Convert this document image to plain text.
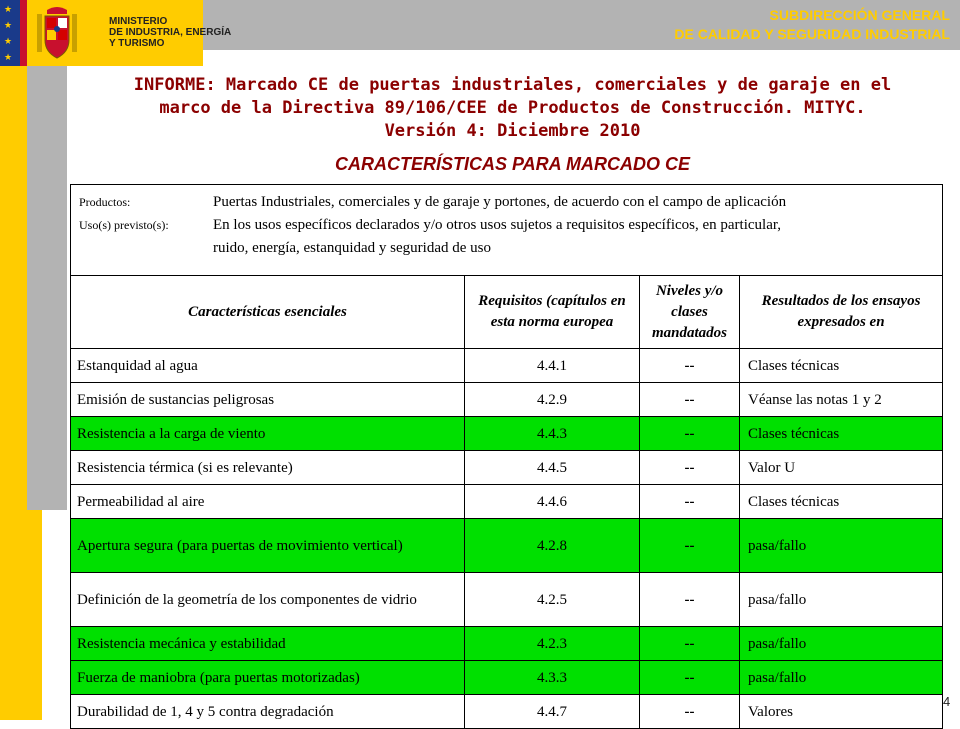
SUBDIRECCIÓN GENERAL
DE CALIDAD Y SEGURIDAD INDUSTRIAL
★
★
★
★
MINISTERIO
DE INDUSTRIA, ENERGÍA
Y TURISMO
INFORME: Marcado CE de puertas industriales, comerciales y de garaje en el
marco de la Directiva 89/106/CEE de Productos de Construcción. MITYC.
Versión 4: Diciembre 2010
CARACTERÍSTICAS PARA MARCADO CE
Productos: Puertas Industriales, comerciales y de garaje y portones, de acuerdo con el campo de aplicación
Uso(s) previsto(s): En los usos específicos declarados y/o otros usos sujetos a requisitos específicos, en particular,
ruido, energía, estanquidad y seguridad de uso			

Características esenciales	Requisitos (capítulos en esta norma europea	Niveles y/o clases mandatados	Resultados de los ensayos expresados en
Estanquidad al agua	4.4.1	--	Clases técnicas
Emisión de sustancias peligrosas	4.2.9	--	Véanse las notas 1 y 2
Resistencia a la carga de viento	4.4.3	--	Clases técnicas
Resistencia térmica (si es relevante)	4.4.5	--	Valor U
Permeabilidad al aire	4.4.6	--	Clases técnicas
Apertura segura (para puertas de movimiento vertical)	4.2.8	--	pasa/fallo
Definición de la geometría de los componentes de vidrio	4.2.5	--	pasa/fallo
Resistencia mecánica y estabilidad	4.2.3	--	pasa/fallo
Fuerza de maniobra (para puertas motorizadas)	4.3.3	--	pasa/fallo
Durabilidad de 1, 4 y 5 contra degradación	4.4.7	--	Valores
4
